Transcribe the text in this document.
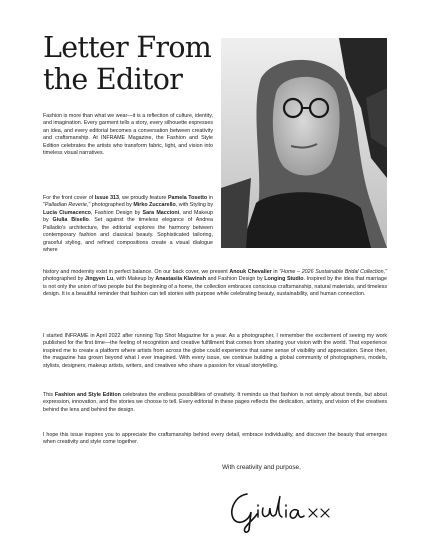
Letter From
the Editor

Fashion is more than what we wear—it is a reflection of culture, identity, and imagination. Every garment tells a story, every silhouette expresses an idea, and every editorial becomes a conversation between creativity and craftsmanship. At INFRAME Magazine, the Fashion and Style Edition celebrates the artists who transform fabric, light, and vision into timeless visual narratives.

For the front cover of Issue 313, we proudly feature Pamela Tosetto in "Palladian Reverie," photographed by Mirko Zuccarello, with Styling by Lucia Ciumacenco, Fashion Design by Sara Maccioni, and Makeup by Giulia Bisello. Set against the timeless elegance of Andrea Palladio's architecture, the editorial explores the harmony between contemporary fashion and classical beauty. Sophisticated tailoring, graceful styling, and refined compositions create a visual dialogue where

history and modernity exist in perfect balance. On our back cover, we present Anouk Chevalier in "Home – 2026 Sustainable Bridal Collection," photographed by Jingyen Lu, with Makeup by Anastasiia Klavinsh and Fashion Design by Longing Studio. Inspired by the idea that marriage is not only the union of two people but the beginning of a home, the collection embraces conscious craftsmanship, natural materials, and timeless design. It is a beautiful reminder that fashion can tell stories with purpose while celebrating beauty, sustainability, and human connection.

I started INFRAME in April 2022 after running Top Shot Magazine for a year. As a photographer, I remember the excitement of seeing my work published for the first time—the feeling of recognition and creative fulfillment that comes from sharing your vision with the world. That experience inspired me to create a platform where artists from across the globe could experience that same sense of visibility and appreciation. Since then, the magazine has grown beyond what I ever imagined. With every issue, we continue building a global community of photographers, models, stylists, designers, makeup artists, writers, and creatives who share a passion for visual storytelling.

This Fashion and Style Edition celebrates the endless possibilities of creativity. It reminds us that fashion is not simply about trends, but about expression, innovation, and the stories we choose to tell. Every editorial in these pages reflects the dedication, artistry, and vision of the creatives behind the lens and behind the design.

I hope this issue inspires you to appreciate the craftsmanship behind every detail, embrace individuality, and discover the beauty that emerges when creativity and style come together.

With creativity and purpose,
